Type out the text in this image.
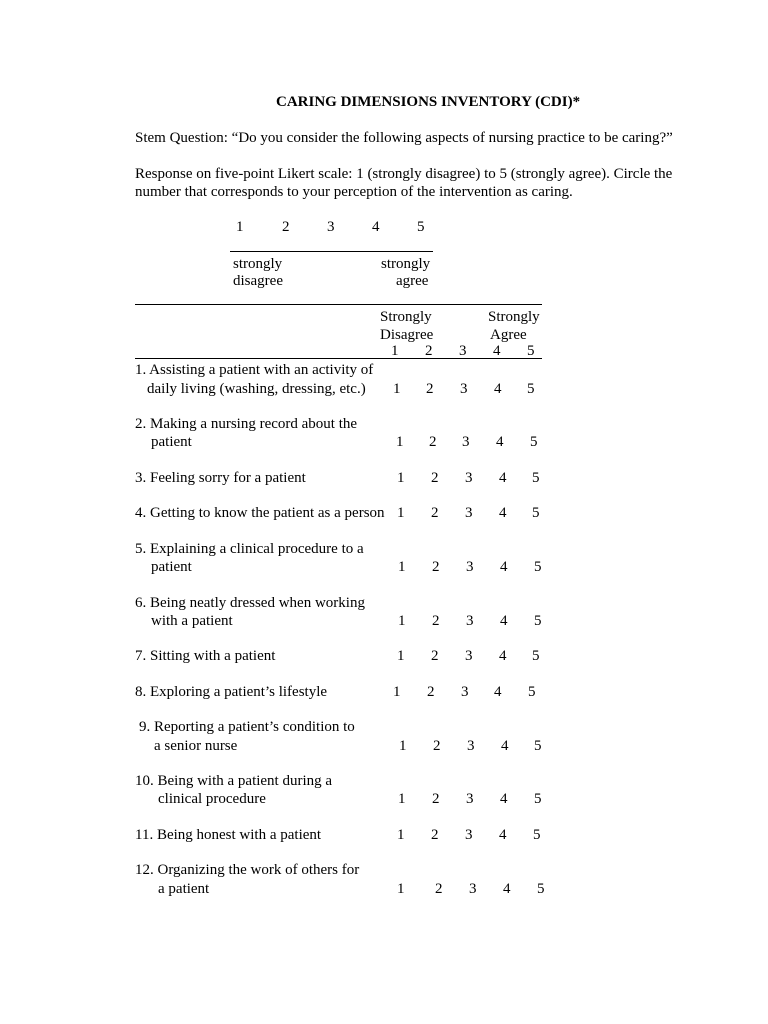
CARING DIMENSIONS INVENTORY (CDI)*
Stem Question: “Do you consider the following aspects of nursing practice to be caring?”
Response on five-point Likert scale: 1 (strongly disagree) to 5 (strongly agree). Circle the
number that corresponds to your perception of the intervention as caring.
1	2	3	4	5
strongly
disagree
strongly
agree
Strongly
Disagree
Strongly
Agree
1 2 3 4 5
1. Assisting a patient with an activity of
daily living (washing, dressing, etc.) 1 2 3 4 5
2. Making a nursing record about the
patient	1 2 3 4 5
3. Feeling sorry for a patient	1 2 3 4 5
4. Getting to know the patient as a person 1 2 3 4 5
5. Explaining a clinical procedure to a
patient	1 2 3 4 5
6. Being neatly dressed when working
with a patient	1 2 3 4 5
7. Sitting with a patient	1 2 3 4 5
8. Exploring a patient’s lifestyle	1 2 3 4 5
9. Reporting a patient’s condition to
a senior nurse	1 2 3 4 5
10. Being with a patient during a
clinical procedure	1 2 3 4 5
11. Being honest with a patient	1 2 3 4 5
12. Organizing the work of others for
a patient	1 2 3 4 5
